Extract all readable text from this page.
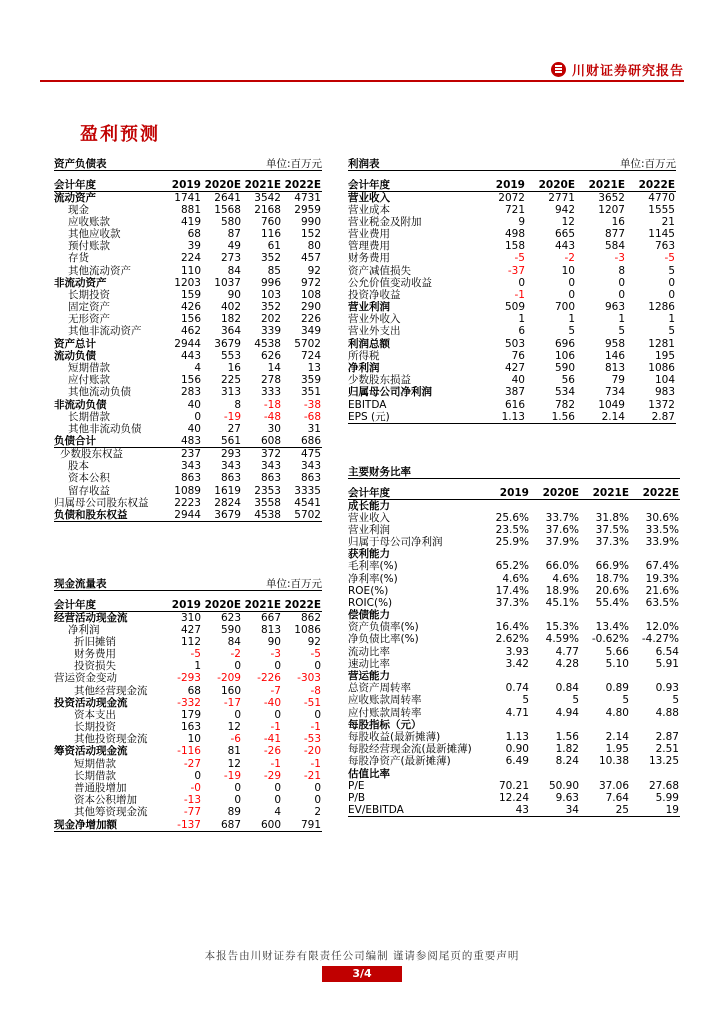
川财证券研究报告
盈利预测
资产负债表			单位:百万元	

会计年度	2019	2020E	2021E	2022E
流动资产	1741	2641	3542	4731
现金	881	1568	2168	2959
应收账款	419	580	760	990
其他应收款	68	87	116	152
预付账款	39	49	61	80
存货	224	273	352	457
其他流动资产	110	84	85	92
非流动资产	1203	1037	996	972
长期投资	159	90	103	108
固定资产	426	402	352	290
无形资产	156	182	202	226
其他非流动资产	462	364	339	349
资产总计	2944	3679	4538	5702
流动负债	443	553	626	724
短期借款	4	16	14	13
应付账款	156	225	278	359
其他流动负债	283	313	333	351
非流动负债	40	8	-18	-38
长期借款	0	-19	-48	-68
其他非流动负债	40	27	30	31
负债合计	483	561	608	686
少数股东权益	237	293	372	475
股本	343	343	343	343
资本公积	863	863	863	863
留存收益	1089	1619	2353	3335
归属母公司股东权益	2223	2824	3558	4541
负债和股东权益	2944	3679	4538	5702
利润表			单位:百万元	

会计年度	2019	2020E	2021E	2022E
营业收入	2072	2771	3652	4770
营业成本	721	942	1207	1555
营业税金及附加	9	12	16	21
营业费用	498	665	877	1145
管理费用	158	443	584	763
财务费用	-5	-2	-3	-5
资产减值损失	-37	10	8	5
公允价值变动收益	0	0	0	0
投资净收益	-1	0	0	0
营业利润	509	700	963	1286
营业外收入	1	1	1	1
营业外支出	6	5	5	5
利润总额	503	696	958	1281
所得税	76	106	146	195
净利润	427	590	813	1086
少数股东损益	40	56	79	104
归属母公司净利润	387	534	734	983
EBITDA	616	782	1049	1372
EPS (元)	1.13	1.56	2.14	2.87
现金流量表			单位:百万元	

会计年度	2019	2020E	2021E	2022E
经营活动现金流	310	623	667	862
净利润	427	590	813	1086
折旧摊销	112	84	90	92
财务费用	-5	-2	-3	-5
投资损失	1	0	0	0
营运资金变动	-293	-209	-226	-303
其他经营现金流	68	160	-7	-8
投资活动现金流	-332	-17	-40	-51
资本支出	179	0	0	0
长期投资	163	12	-1	-1
其他投资现金流	10	-6	-41	-53
筹资活动现金流	-116	81	-26	-20
短期借款	-27	12	-1	-1
长期借款	0	-19	-29	-21
普通股增加	-0	0	0	0
资本公积增加	-13	0	0	0
其他筹资现金流	-77	89	4	2
现金净增加额	-137	687	600	791
主要财务比率				

会计年度	2019	2020E	2021E	2022E
成长能力				
营业收入	25.6%	33.7%	31.8%	30.6%
营业利润	23.5%	37.6%	37.5%	33.5%
归属于母公司净利润	25.9%	37.9%	37.3%	33.9%
获利能力				
毛利率(%)	65.2%	66.0%	66.9%	67.4%
净利率(%)	4.6%	4.6%	18.7%	19.3%
ROE(%)	17.4%	18.9%	20.6%	21.6%
ROIC(%)	37.3%	45.1%	55.4%	63.5%
偿债能力				
资产负债率(%)	16.4%	15.3%	13.4%	12.0%
净负债比率(%)	2.62%	4.59%	-0.62%	-4.27%
流动比率	3.93	4.77	5.66	6.54
速动比率	3.42	4.28	5.10	5.91
营运能力				
总资产周转率	0.74	0.84	0.89	0.93
应收账款周转率	5	5	5	5
应付账款周转率	4.71	4.94	4.80	4.88
每股指标（元）				
每股收益(最新摊薄)	1.13	1.56	2.14	2.87
每股经营现金流(最新摊薄)	0.90	1.82	1.95	2.51
每股净资产(最新摊薄)	6.49	8.24	10.38	13.25
估值比率				
P/E	70.21	50.90	37.06	27.68
P/B	12.24	9.63	7.64	5.99
EV/EBITDA	43	34	25	19
本报告由川财证券有限责任公司编制 谨请参阅尾页的重要声明
3/4
